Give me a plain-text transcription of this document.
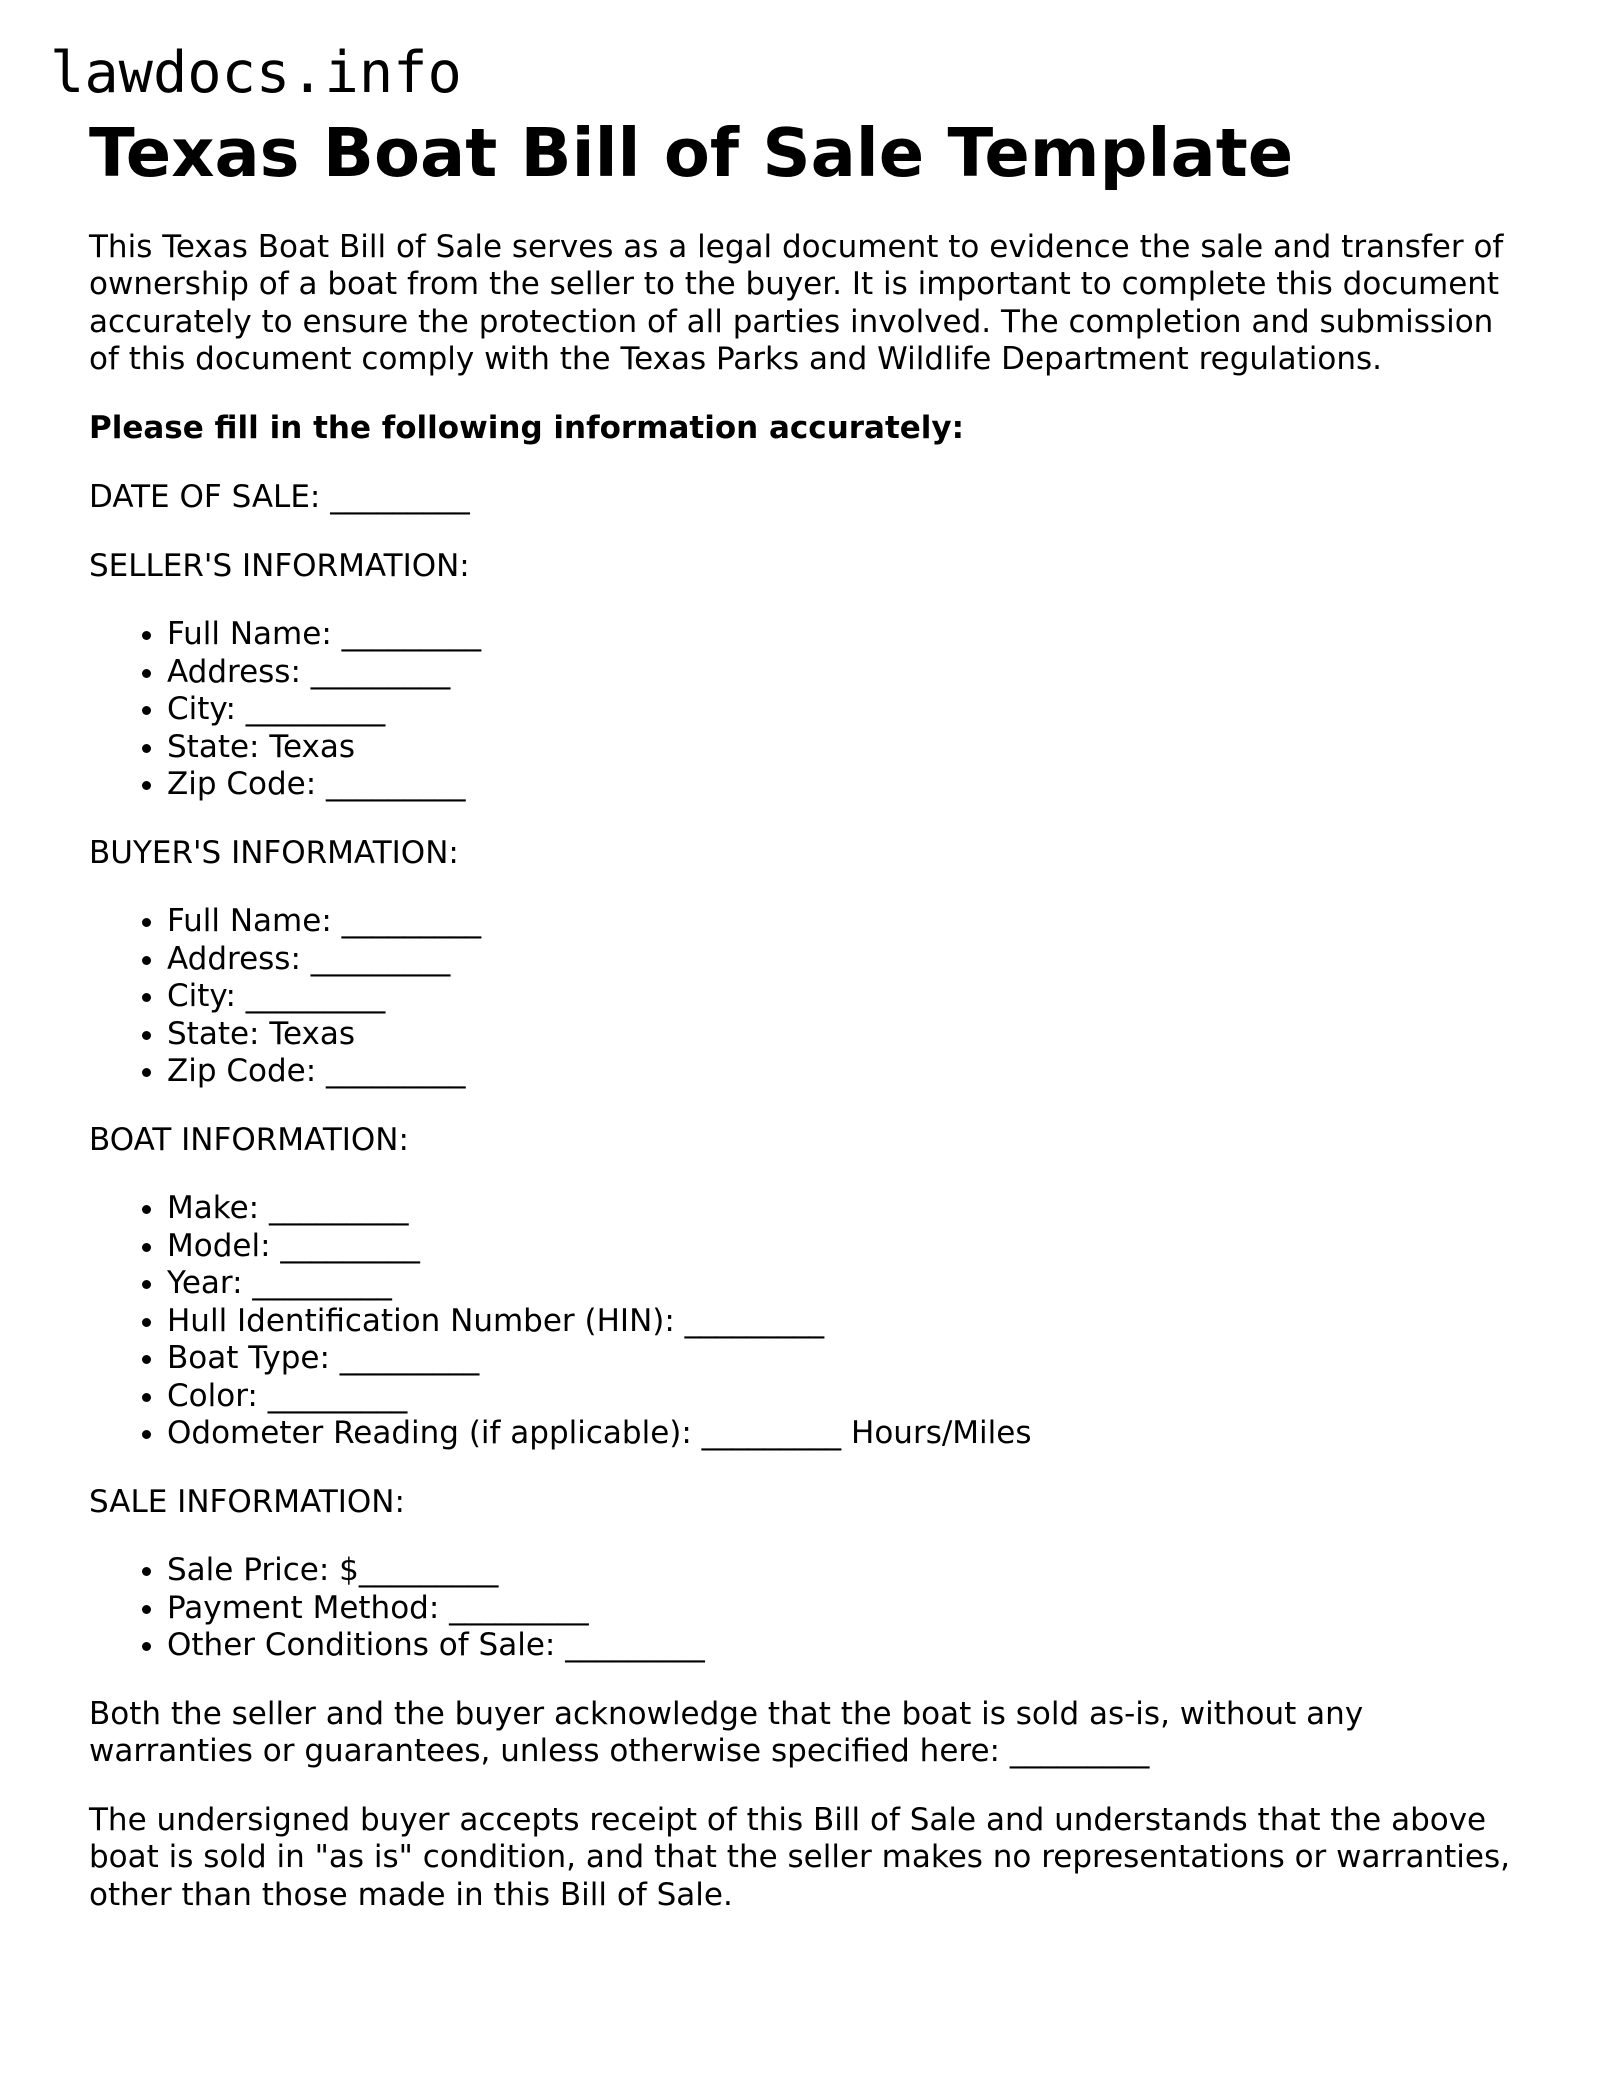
lawdocs.info
Texas Boat Bill of Sale Template

This Texas Boat Bill of Sale serves as a legal document to evidence the sale and transfer of ownership of a boat from the seller to the buyer. It is important to complete this document accurately to ensure the protection of all parties involved. The completion and submission of this document comply with the Texas Parks and Wildlife Department regulations.

Please fill in the following information accurately:

DATE OF SALE: _________

SELLER'S INFORMATION:

• Full Name: _________
• Address: _________
• City: _________
• State: Texas
• Zip Code: _________

BUYER'S INFORMATION:

• Full Name: _________
• Address: _________
• City: _________
• State: Texas
• Zip Code: _________

BOAT INFORMATION:

• Make: _________
• Model: _________
• Year: _________
• Hull Identification Number (HIN): _________
• Boat Type: _________
• Color: _________
• Odometer Reading (if applicable): _________ Hours/Miles

SALE INFORMATION:

• Sale Price: $_________
• Payment Method: _________
• Other Conditions of Sale: _________

Both the seller and the buyer acknowledge that the boat is sold as-is, without any warranties or guarantees, unless otherwise specified here: _________

The undersigned buyer accepts receipt of this Bill of Sale and understands that the above boat is sold in "as is" condition, and that the seller makes no representations or warranties, other than those made in this Bill of Sale.
